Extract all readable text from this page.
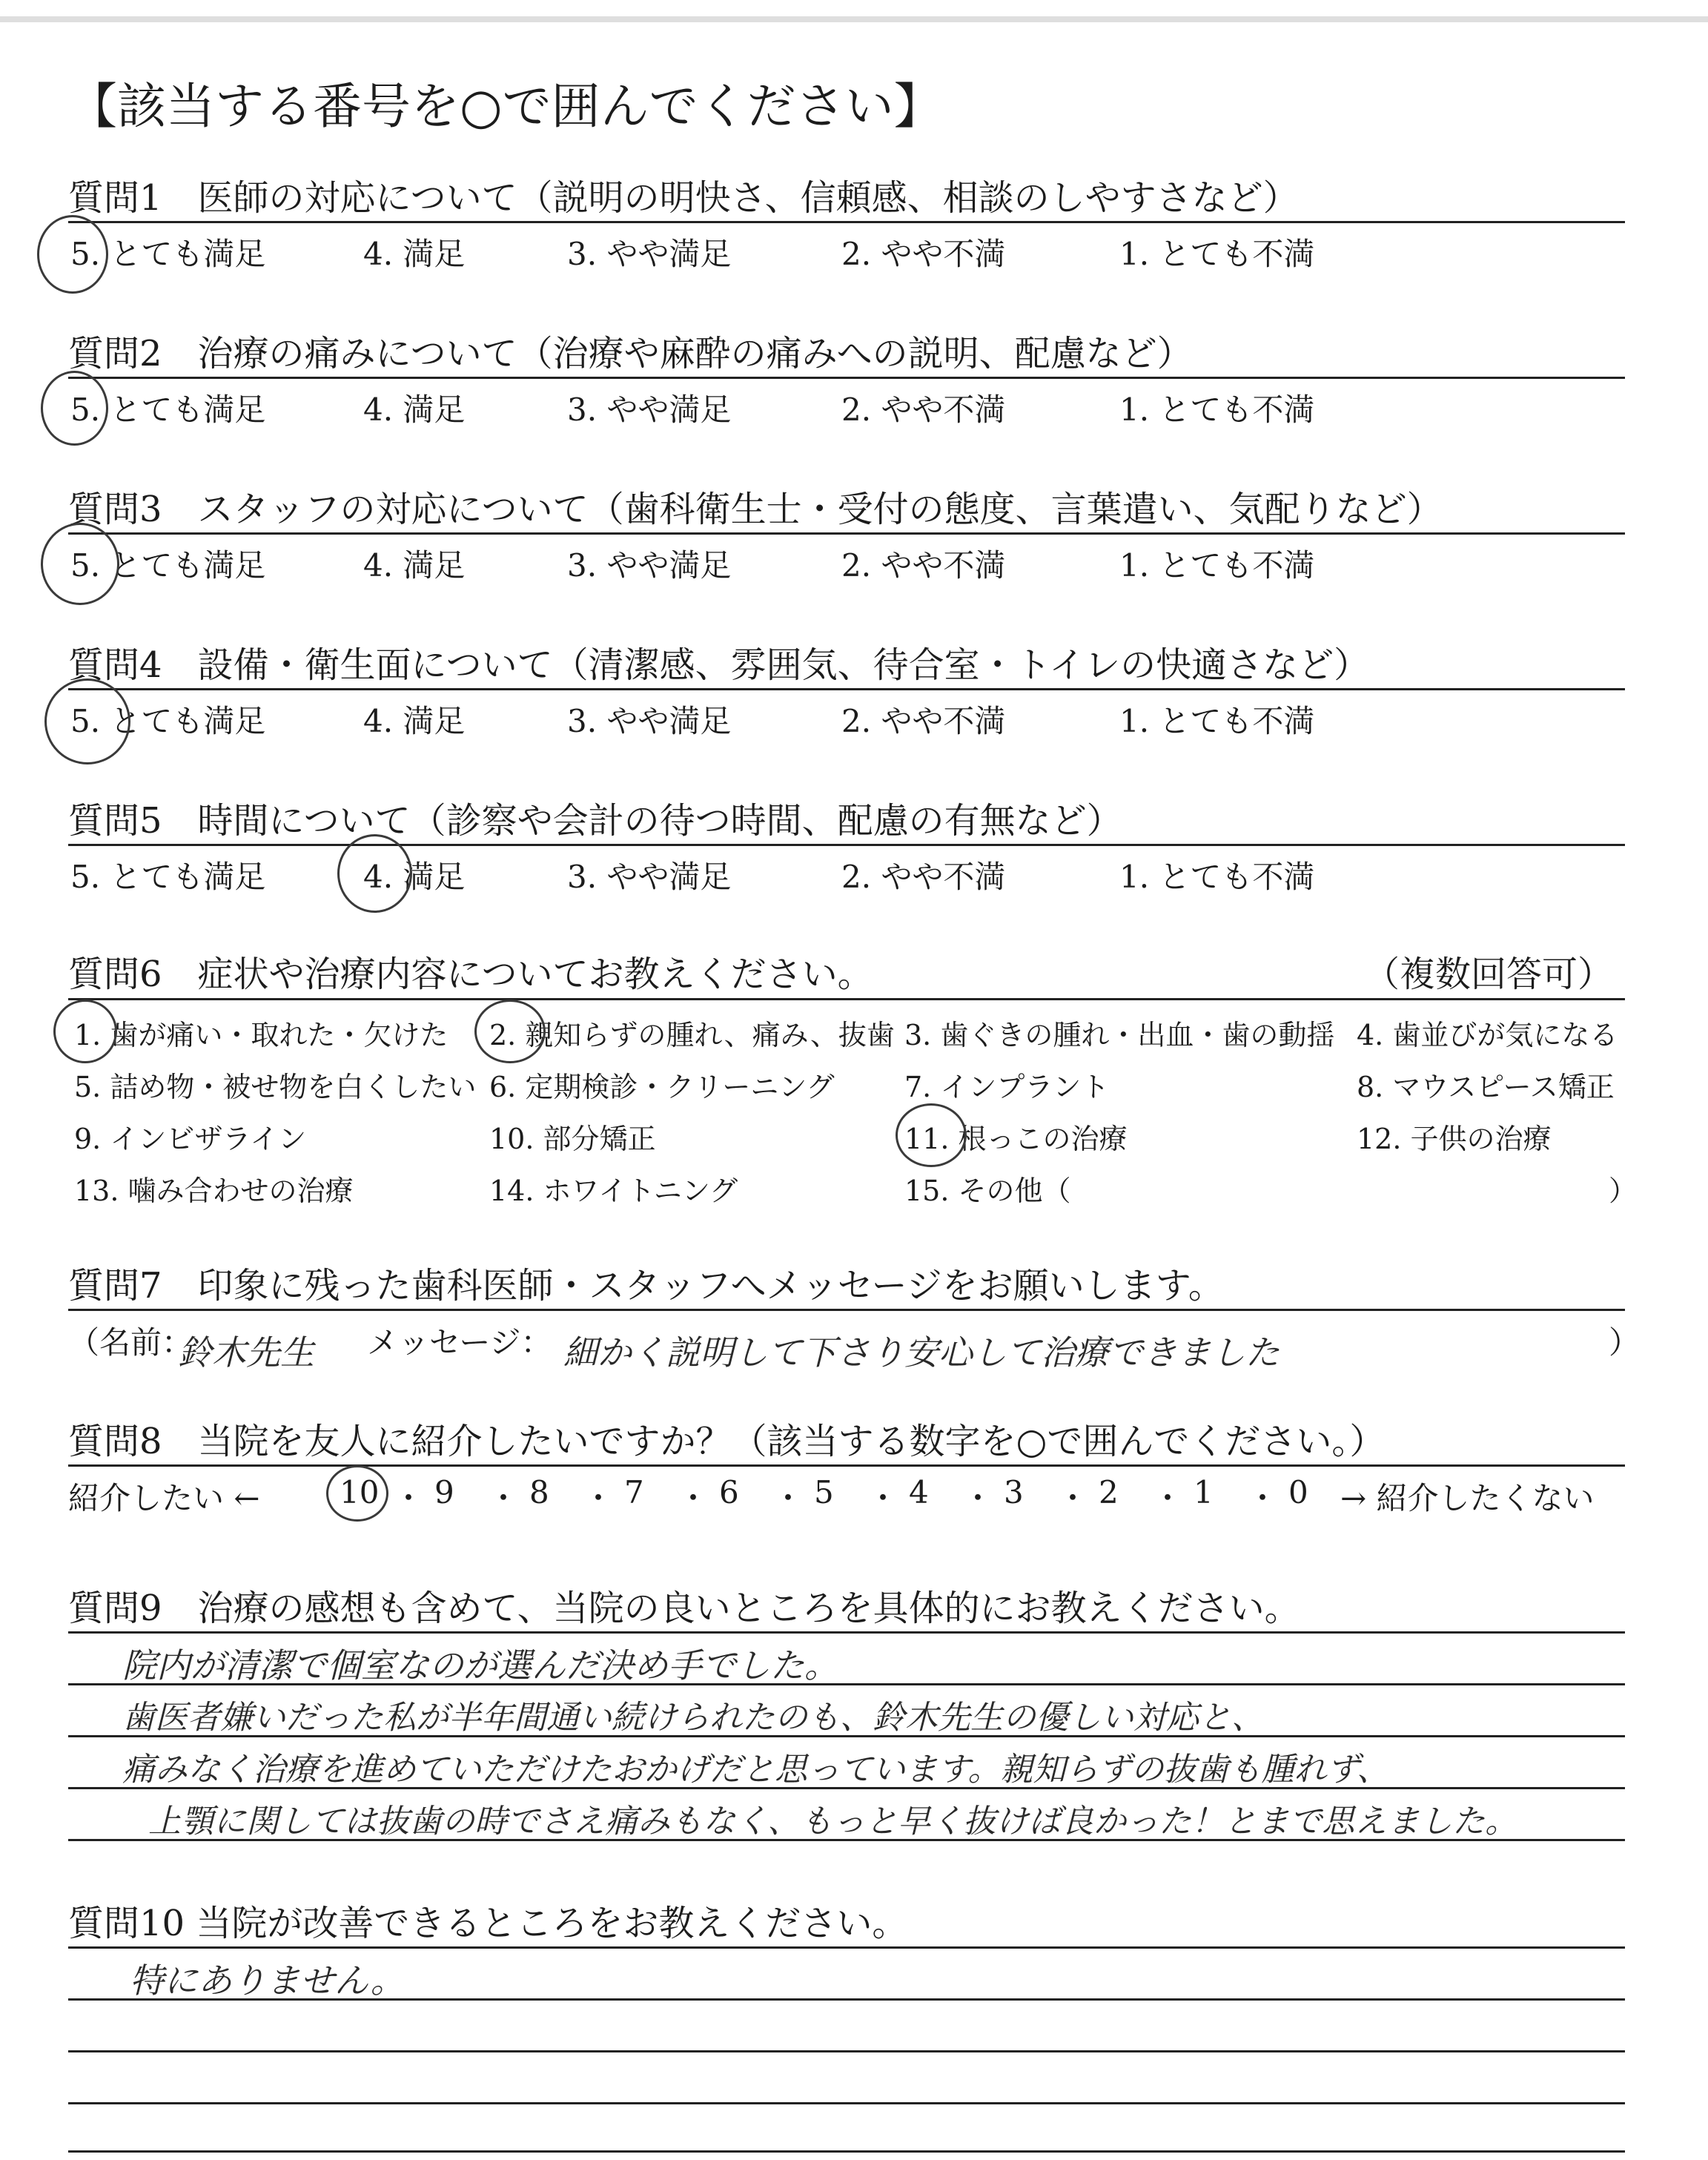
【該当する番号を○で囲んでください】
質問1　医師の対応について（説明の明快さ、信頼感、相談のしやすさなど）
5. とても満足	4. 満足	3. やや満足	2. やや不満	1. とても不満
質問2　治療の痛みについて（治療や麻酔の痛みへの説明、配慮など）
5. とても満足	4. 満足	3. やや満足	2. やや不満	1. とても不満
質問3　スタッフの対応について（歯科衛生士・受付の態度、言葉遣い、気配りなど）
5. とても満足	4. 満足	3. やや満足	2. やや不満	1. とても不満
質問4　設備・衛生面について（清潔感、雰囲気、待合室・トイレの快適さなど）
5. とても満足	4. 満足	3. やや満足	2. やや不満	1. とても不満
質問5　時間について（診察や会計の待つ時間、配慮の有無など）
5. とても満足	4. 満足	3. やや満足	2. やや不満	1. とても不満
質問6　症状や治療内容についてお教えください。	（複数回答可）
1. 歯が痛い・取れた・欠けた 2. 親知らずの腫れ、痛み、抜歯 3. 歯ぐきの腫れ・出血・歯の動揺 4. 歯並びが気になる
5. 詰め物・被せ物を白くしたい 6. 定期検診・クリーニング 7. インプラント	8. マウスピース矯正
9. インビザライン	10. 部分矯正	11. 根っこの治療	12. 子供の治療
13. 噛み合わせの治療	14. ホワイトニング	15. その他（	）
質問7　印象に残った歯科医師・スタッフへメッセージをお願いします。
（名前：
鈴木先生 メッセージ： 細かく説明して下さり安心して治療できました	）
質問8　当院を友人に紹介したいですか？（該当する数字を○で囲んでください。）
紹介したい ←	→ 紹介したくない
10 ・ 9 ・ 8 ・ 7 ・ 6 ・ 5 ・ 4 ・ 3 ・ 2 ・ 1 ・ 0
質問9　治療の感想も含めて、当院の良いところを具体的にお教えください。
院内が清潔で個室なのが選んだ決め手でした。
歯医者嫌いだった私が半年間通い続けられたのも、鈴木先生の優しい対応と、
痛みなく治療を進めていただけたおかげだと思っています。親知らずの抜歯も腫れず、
上顎に関しては抜歯の時でさえ痛みもなく、もっと早く抜けば良かった！とまで思えました。
質問10 当院が改善できるところをお教えください。
特にありません。
